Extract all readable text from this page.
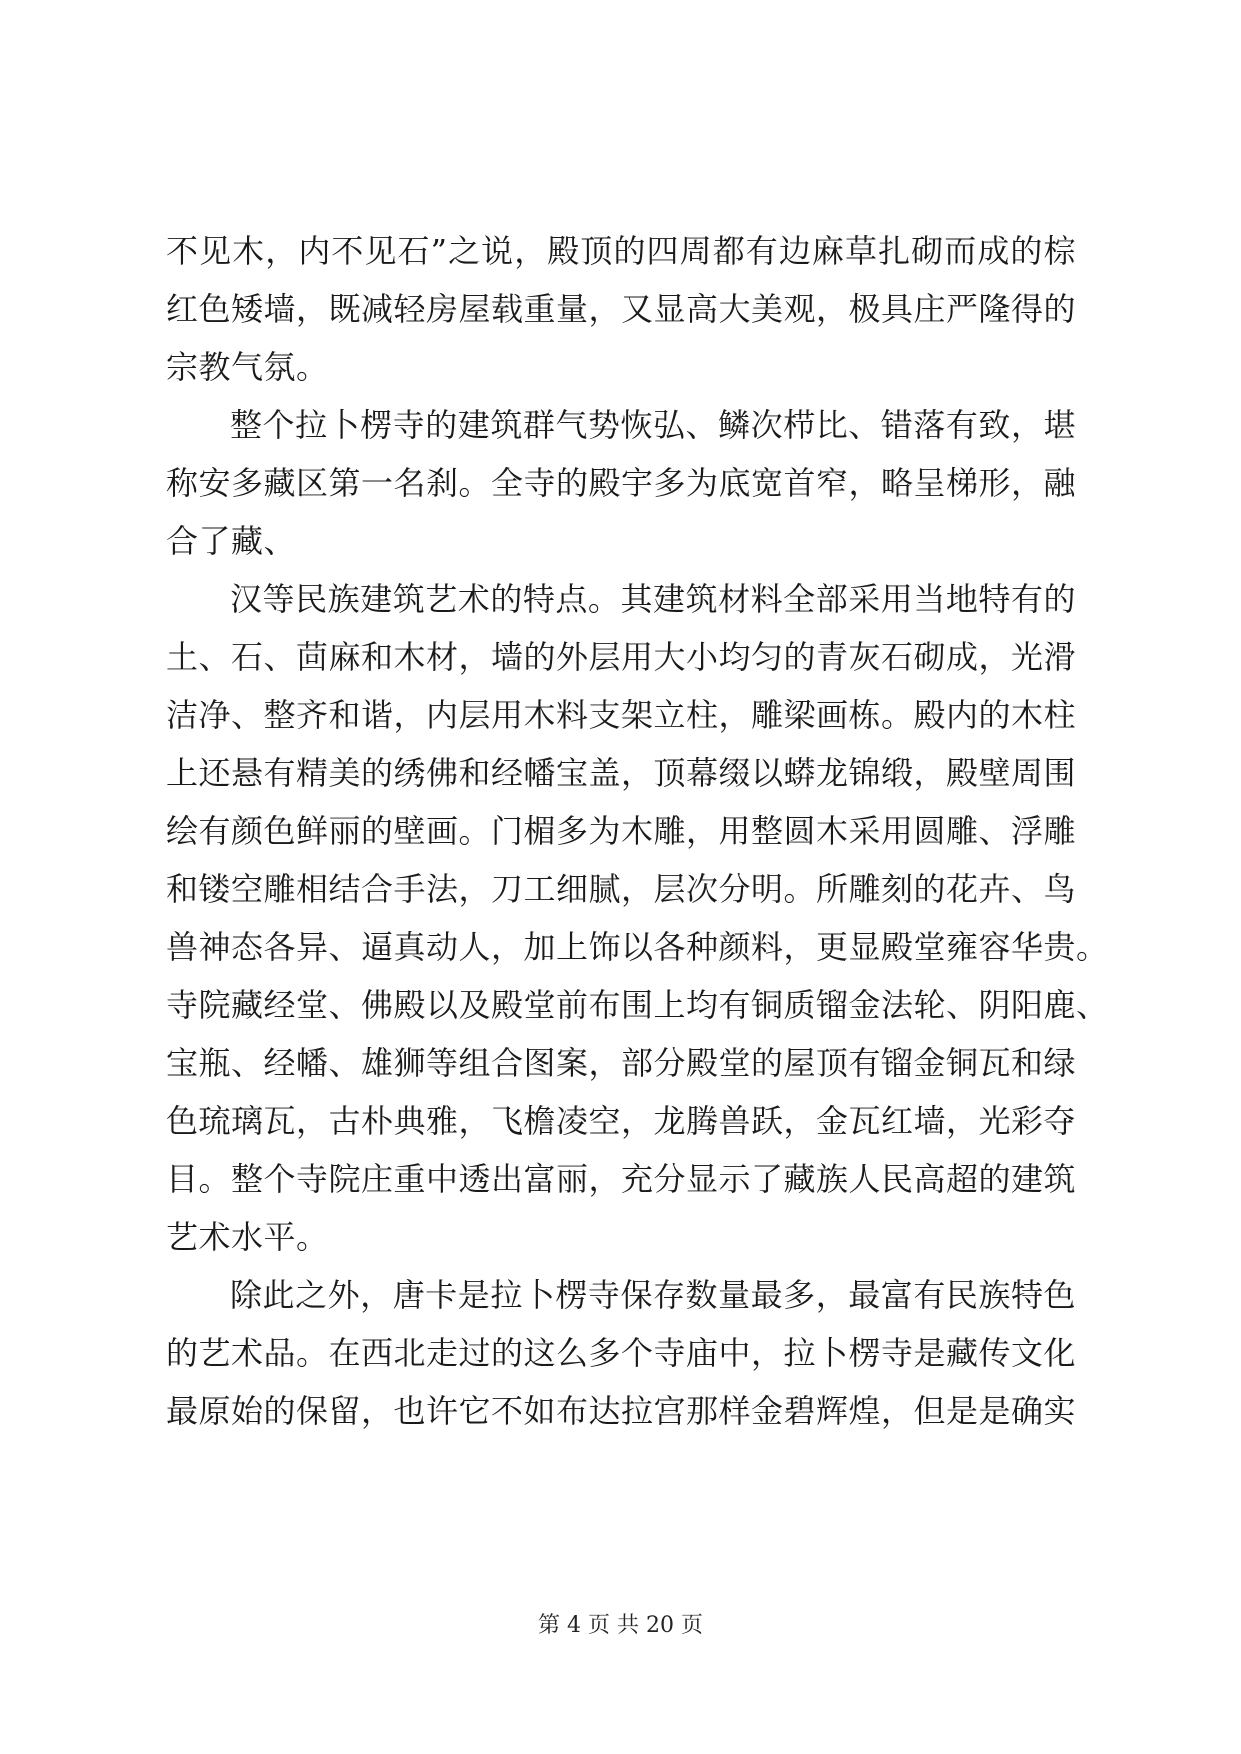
不见木，内不见石”之说，殿顶的四周都有边麻草扎砌而成的棕
红色矮墙，既减轻房屋载重量，又显高大美观，极具庄严隆得的
宗教气氛。
整个拉卜楞寺的建筑群气势恢弘、鳞次栉比、错落有致，堪
称安多藏区第一名刹。全寺的殿宇多为底宽首窄，略呈梯形，融
合了藏、
汉等民族建筑艺术的特点。其建筑材料全部采用当地特有的
土、石、茴麻和木材，墙的外层用大小均匀的青灰石砌成，光滑
洁净、整齐和谐，内层用木料支架立柱，雕梁画栋。殿内的木柱
上还悬有精美的绣佛和经幡宝盖，顶幕缀以蟒龙锦缎，殿壁周围
绘有颜色鲜丽的壁画。门楣多为木雕，用整圆木采用圆雕、浮雕
和镂空雕相结合手法，刀工细腻，层次分明。所雕刻的花卉、鸟
兽神态各异、逼真动人，加上饰以各种颜料，更显殿堂雍容华贵。
寺院藏经堂、佛殿以及殿堂前布围上均有铜质镏金法轮、阴阳鹿、
宝瓶、经幡、雄狮等组合图案，部分殿堂的屋顶有镏金铜瓦和绿
色琉璃瓦，古朴典雅，飞檐凌空，龙腾兽跃，金瓦红墙，光彩夺
目。整个寺院庄重中透出富丽，充分显示了藏族人民高超的建筑
艺术水平。
除此之外，唐卡是拉卜楞寺保存数量最多，最富有民族特色
的艺术品。在西北走过的这么多个寺庙中，拉卜楞寺是藏传文化
最原始的保留，也许它不如布达拉宫那样金碧辉煌，但是是确实
第 4 页 共 20 页
